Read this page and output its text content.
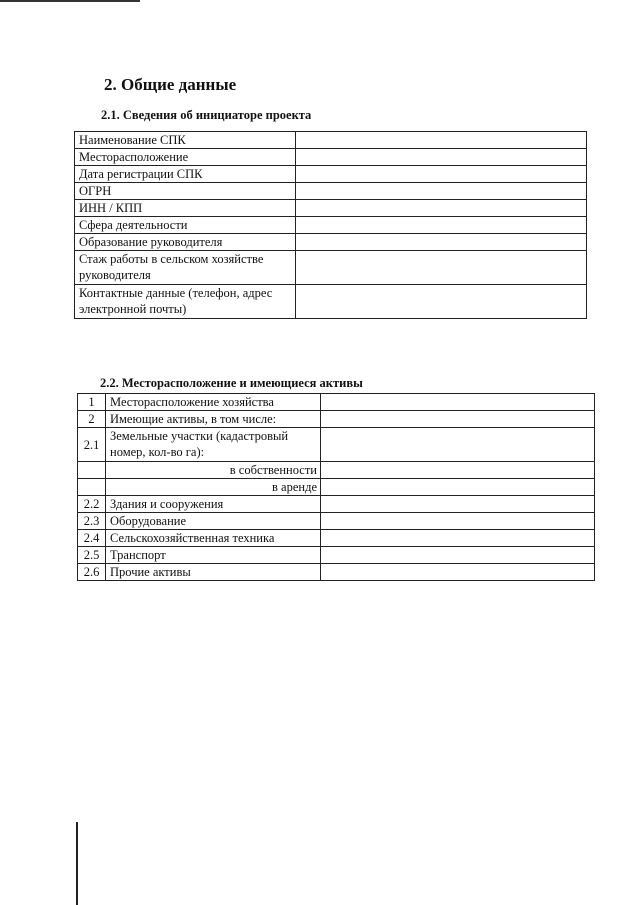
2. Общие данные
2.1. Сведения об инициаторе проекта
Наименование СПК	
Месторасположение	
Дата регистрации СПК	
ОГРН	
ИНН / КПП	
Сфера деятельности	
Образование руководителя	
Стаж работы в сельском хозяйстве руководителя	
Контактные данные (телефон, адрес электронной почты)	
2.2. Месторасположение и имеющиеся активы
1	Месторасположение хозяйства	
2	Имеющие активы, в том числе:	
2.1	Земельные участки (кадастровый номер, кол-во га):	
	в собственности	
	в аренде	
2.2	Здания и сооружения	
2.3	Оборудование	
2.4	Сельскохозяйственная техника	
2.5	Транспорт	
2.6	Прочие активы	
